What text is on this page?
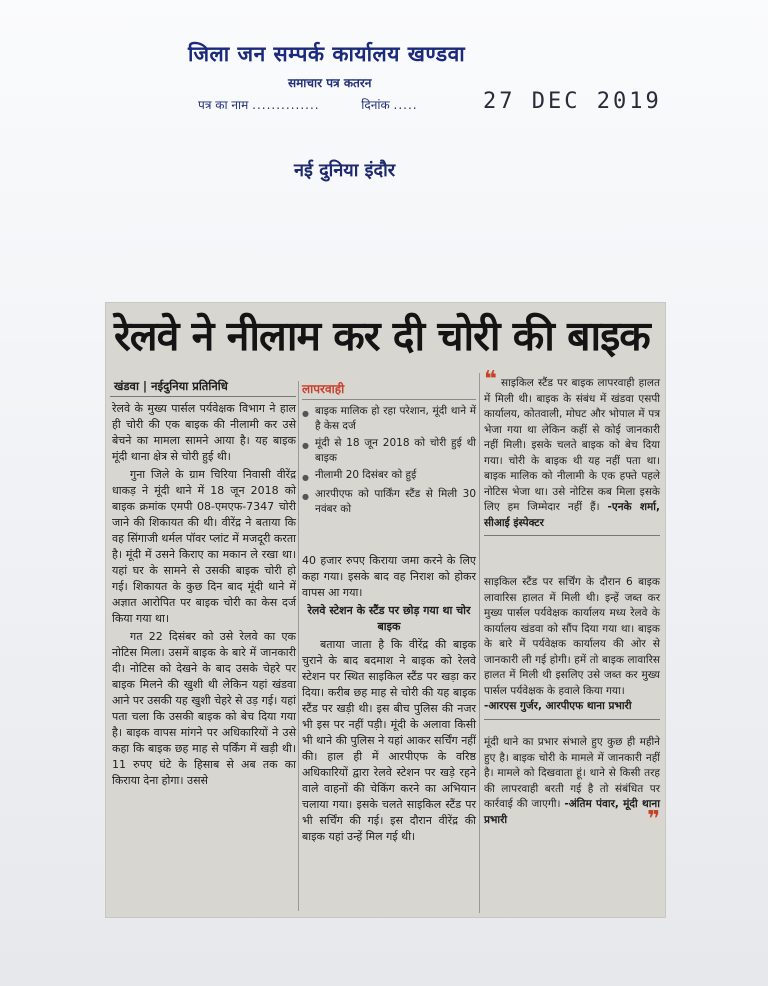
जिला जन सम्पर्क कार्यालय खण्डवा
समाचार पत्र कतरन
पत्र का नाम ..............	दिनांक .....	27 DEC 2019
नई दुनिया इंदौर
रेलवे ने नीलाम कर दी चोरी की बाइक
खंडवा | नईदुनिया प्रतिनिधि

रेलवे के मुख्य पार्सल पर्यवेक्षक विभाग ने हाल ही चोरी की एक बाइक की नीलामी कर उसे बेचने का मामला सामने आया है। यह बाइक मूंदी थाना क्षेत्र से चोरी हुई थी।

गुना जिले के ग्राम चिरिया निवासी वीरेंद्र धाकड़ ने मूंदी थाने में 18 जून 2018 को बाइक क्रमांक एमपी 08-एमएफ-7347 चोरी जाने की शिकायत की थी। वीरेंद्र ने बताया कि वह सिंगाजी थर्मल पॉवर प्लांट में मजदूरी करता है। मूंदी में उसने किराए का मकान ले रखा था। यहां घर के सामने से उसकी बाइक चोरी हो गई। शिकायत के कुछ दिन बाद मूंदी थाने में अज्ञात आरोपित पर बाइक चोरी का केस दर्ज किया गया था।

गत 22 दिसंबर को उसे रेलवे का एक नोटिस मिला। उसमें बाइक के बारे में जानकारी दी। नोटिस को देखने के बाद उसके चेहरे पर बाइक मिलने की खुशी थी लेकिन यहां खंडवा आने पर उसकी यह खुशी चेहरे से उड़ गई। यहां पता चला कि उसकी बाइक को बेच दिया गया है। बाइक वापस मांगने पर अधिकारियों ने उसे कहा कि बाइक छह माह से पर्किंग में खड़ी थी। 11 रुपए घंटे के हिसाब से अब तक का किराया देना होगा। उससे

लापरवाही
● बाइक मालिक हो रहा परेशान, मूंदी थाने में है केस दर्ज
● मूंदी से 18 जून 2018 को चोरी हुई थी बाइक
● नीलामी 20 दिसंबर को हुई
● आरपीएफ को पार्किंग स्टैंड से मिली 30 नवंबर को

40 हजार रुपए किराया जमा करने के लिए कहा गया। इसके बाद वह निराश को होकर वापस आ गया।

रेलवे स्टेशन के स्टैंड पर छोड़ गया था चोर बाइक

बताया जाता है कि वीरेंद्र की बाइक चुराने के बाद बदमाश ने बाइक को रेलवे स्टेशन पर स्थित साइकिल स्टैंड पर खड़ा कर दिया। करीब छह माह से चोरी की यह बाइक स्टैंड पर खड़ी थी। इस बीच पुलिस की नजर भी इस पर नहीं पड़ी। मूंदी के अलावा किसी भी थाने की पुलिस ने यहां आकर सर्चिंग नहीं की। हाल ही में आरपीएफ के वरिष्ठ अधिकारियों द्वारा रेलवे स्टेशन पर खड़े रहने वाले वाहनों की चेकिंग करने का अभियान चलाया गया। इसके चलते साइकिल स्टैंड पर भी सर्चिंग की गई। इस दौरान वीरेंद्र की बाइक यहां उन्हें मिल गई थी।

❝ साइकिल स्टैंड पर बाइक लापरवाही हालत में मिली थी। बाइक के संबंध में खंडवा एसपी कार्यालय, कोतवाली, मोघट और भोपाल में पत्र भेजा गया था लेकिन कहीं से कोई जानकारी नहीं मिली। इसके चलते बाइक को बेच दिया गया। चोरी के बाइक थी यह नहीं पता था। बाइक मालिक को नीलामी के एक हफ्ते पहले नोटिस भेजा था। उसे नोटिस कब मिला इसके लिए हम जिम्मेदार नहीं हैं। -एनके शर्मा, सीआई इंस्पेक्टर
साइकिल स्टैंड पर सर्चिंग के दौरान 6 बाइक लावारिस हालत में मिली थी। इन्हें जब्त कर मुख्य पार्सल पर्यवेक्षक कार्यालय मध्य रेलवे के कार्यालय खंडवा को सौंप दिया गया था। बाइक के बारे में पर्यवेक्षक कार्यालय की ओर से जानकारी ली गई होगी। हमें तो बाइक लावारिस हालत में मिली थी इसलिए उसे जब्त कर मुख्य पार्सल पर्यवेक्षक के हवाले किया गया।
-आरएस गुर्जर, आरपीएफ थाना प्रभारी
मूंदी थाने का प्रभार संभाले हुए कुछ ही महीने हुए है। बाइक चोरी के मामले में जानकारी नहीं है। मामले को दिखवाता हूं। थाने से किसी तरह की लापरवाही बरती गई है तो संबंधित पर कार्रवाई की जाएगी। -अंतिम पंवार, मूंदी थाना प्रभारी	❞
